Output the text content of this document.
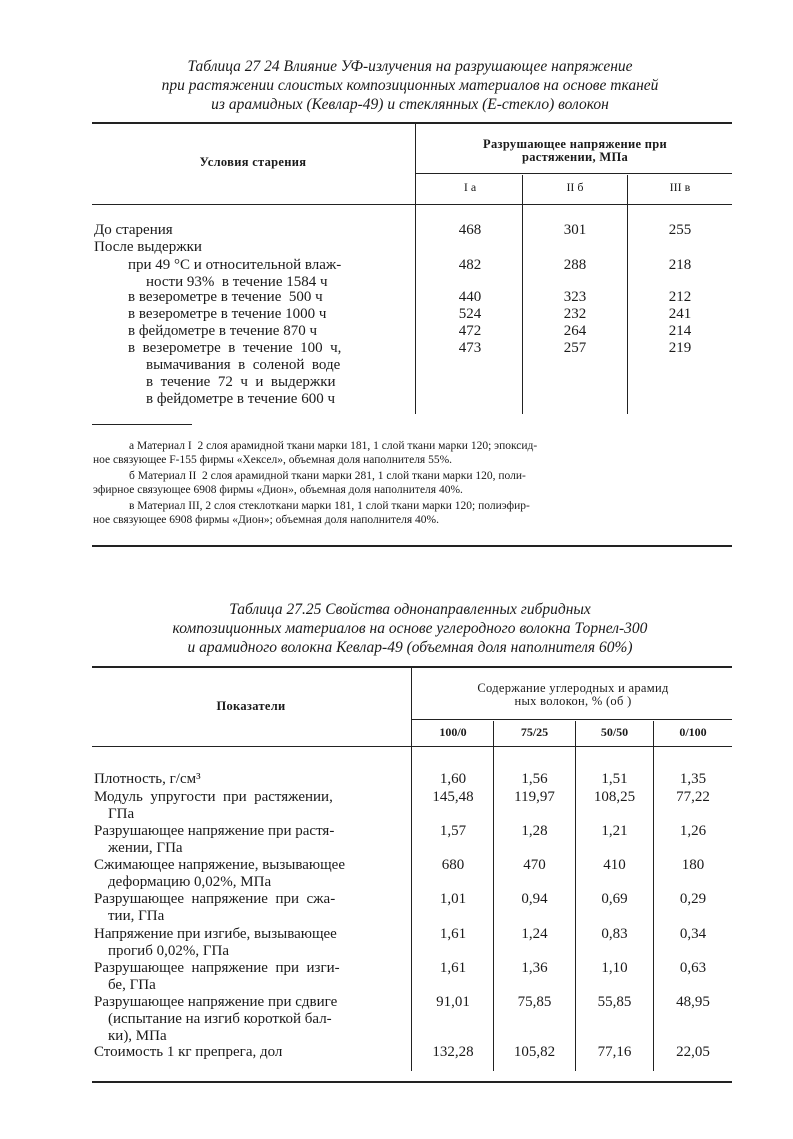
Таблица 27 24 Влияние УФ-излучения на разрушающее напряжение
при растяжении слоистых композиционных материалов на основе тканей
из арамидных (Кевлар-49) и стеклянных (Е-стекло) волокон
Условия старения
Разрушающее напряжение при
растяжении, МПа
I а	II б	III в
До старения	468	301	255
После выдержки
при 49 °С и относительной влаж-
ности 93%  в течение 1584 ч
482	288	218
в везерометре в течение  500 ч	440	323	212
в везерометре в течение 1000 ч	524	232	241
в фейдометре в течение 870 ч	472	264	214
в  везерометре  в  течение  100  ч,
вымачивания  в  соленой  воде
в  течение  72  ч  и  выдержки
в фейдометре в течение 600 ч
473	257	219
а Материал I  2 слоя арамидной ткани марки 181, 1 слой ткани марки 120; эпоксид-
ное связующее F-155 фирмы «Хексел», объемная доля наполнителя 55%.
б Материал II  2 слоя арамидной ткани марки 281, 1 слой ткани марки 120, поли-
эфирное связующее 6908 фирмы «Дион», объемная доля наполнителя 40%.
в Материал III, 2 слоя стеклоткани марки 181, 1 слой ткани марки 120; полиэфир-
ное связующее 6908 фирмы «Дион»; объемная доля наполнителя 40%.
Таблица 27.25 Свойства однонаправленных гибридных
композиционных материалов на основе углеродного волокна Торнел-300
и арамидного волокна Кевлар-49 (объемная доля наполнителя 60%)
Показатели
Содержание углеродных и арамид
ных волокон, % (об )
100/0	75/25	50/50	0/100
Плотность, г/см³	1,60	1,56	1,51	1,35
Модуль  упругости  при  растяжении,
ГПа
145,48	119,97	108,25	77,22
Разрушающее напряжение при растя-
жении, ГПа
1,57	1,28	1,21	1,26
Сжимающее напряжение, вызывающее
деформацию 0,02%, МПа
680	470	410	180
Разрушающее  напряжение  при  сжа-
тии, ГПа
1,01	0,94	0,69	0,29
Напряжение при изгибе, вызывающее
прогиб 0,02%, ГПа
1,61	1,24	0,83	0,34
Разрушающее  напряжение  при  изги-
бе, ГПа
1,61	1,36	1,10	0,63
Разрушающее напряжение при сдвиге
(испытание на изгиб короткой бал-
ки), МПа
91,01	75,85	55,85	48,95
Стоимость 1 кг препрега, дол	132,28	105,82	77,16	22,05
